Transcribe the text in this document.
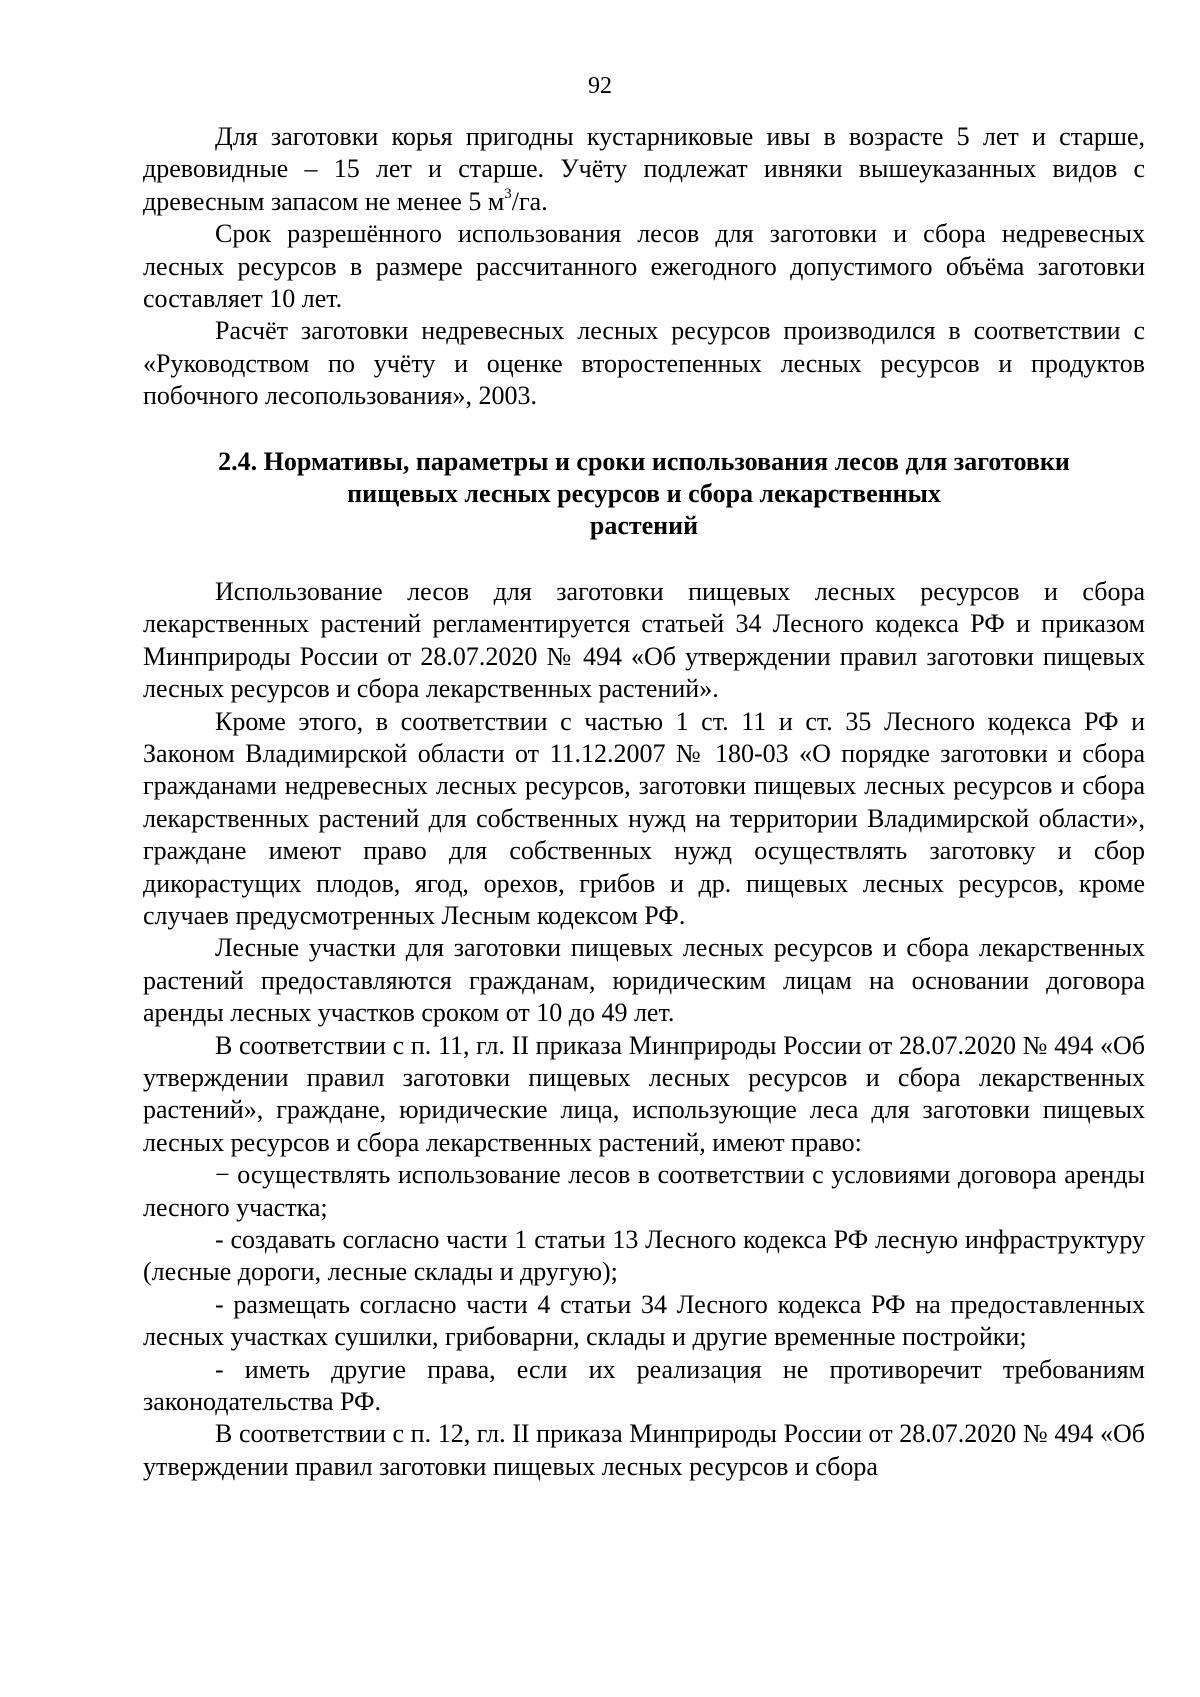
92

Для заготовки корья пригодны кустарниковые ивы в возрасте 5 лет и старше, древовидные – 15 лет и старше. Учёту подлежат ивняки вышеуказанных видов с древесным запасом не менее 5 $м^3/га$.

Срок разрешённого использования лесов для заготовки и сбора недревесных лесных ресурсов в размере рассчитанного ежегодного допустимого объёма заготовки составляет 10 лет.

Расчёт заготовки недревесных лесных ресурсов производился в соответствии с «Руководством по учёту и оценке второстепенных лесных ресурсов и продуктов побочного лесопользования», 2003.

2.4. Нормативы, параметры и сроки использования лесов для заготовки
пищевых лесных ресурсов и сбора лекарственных
растений

Использование лесов для заготовки пищевых лесных ресурсов и сбора лекарственных растений регламентируется статьей 34 Лесного кодекса РФ и приказом Минприроды России от 28.07.2020 № 494 «Об утверждении правил заготовки пищевых лесных ресурсов и сбора лекарственных растений».

Кроме этого, в соответствии с частью 1 ст. 11 и ст. 35 Лесного кодекса РФ и Законом Владимирской области от 11.12.2007 № 180-03 «О порядке заготовки и сбора гражданами недревесных лесных ресурсов, заготовки пищевых лесных ресурсов и сбора лекарственных растений для собственных нужд на территории Владимирской области», граждане имеют право для собственных нужд осуществлять заготовку и сбор дикорастущих плодов, ягод, орехов, грибов и др. пищевых лесных ресурсов, кроме случаев предусмотренных Лесным кодексом РФ.

Лесные участки для заготовки пищевых лесных ресурсов и сбора лекарственных растений предоставляются гражданам, юридическим лицам на основании договора аренды лесных участков сроком от 10 до 49 лет.

В соответствии с п. 11, гл. II приказа Минприроды России от 28.07.2020 № 494 «Об утверждении правил заготовки пищевых лесных ресурсов и сбора лекарственных растений», граждане, юридические лица, использующие леса для заготовки пищевых лесных ресурсов и сбора лекарственных растений, имеют право:

− осуществлять использование лесов в соответствии с условиями договора аренды лесного участка;

- создавать согласно части 1 статьи 13 Лесного кодекса РФ лесную инфраструктуру (лесные дороги, лесные склады и другую);

- размещать согласно части 4 статьи 34 Лесного кодекса РФ на предоставленных лесных участках сушилки, грибоварни, склады и другие временные постройки;

- иметь другие права, если их реализация не противоречит требованиям законодательства РФ.

В соответствии с п. 12, гл. II приказа Минприроды России от 28.07.2020 № 494 «Об утверждении правил заготовки пищевых лесных ресурсов и сбора
